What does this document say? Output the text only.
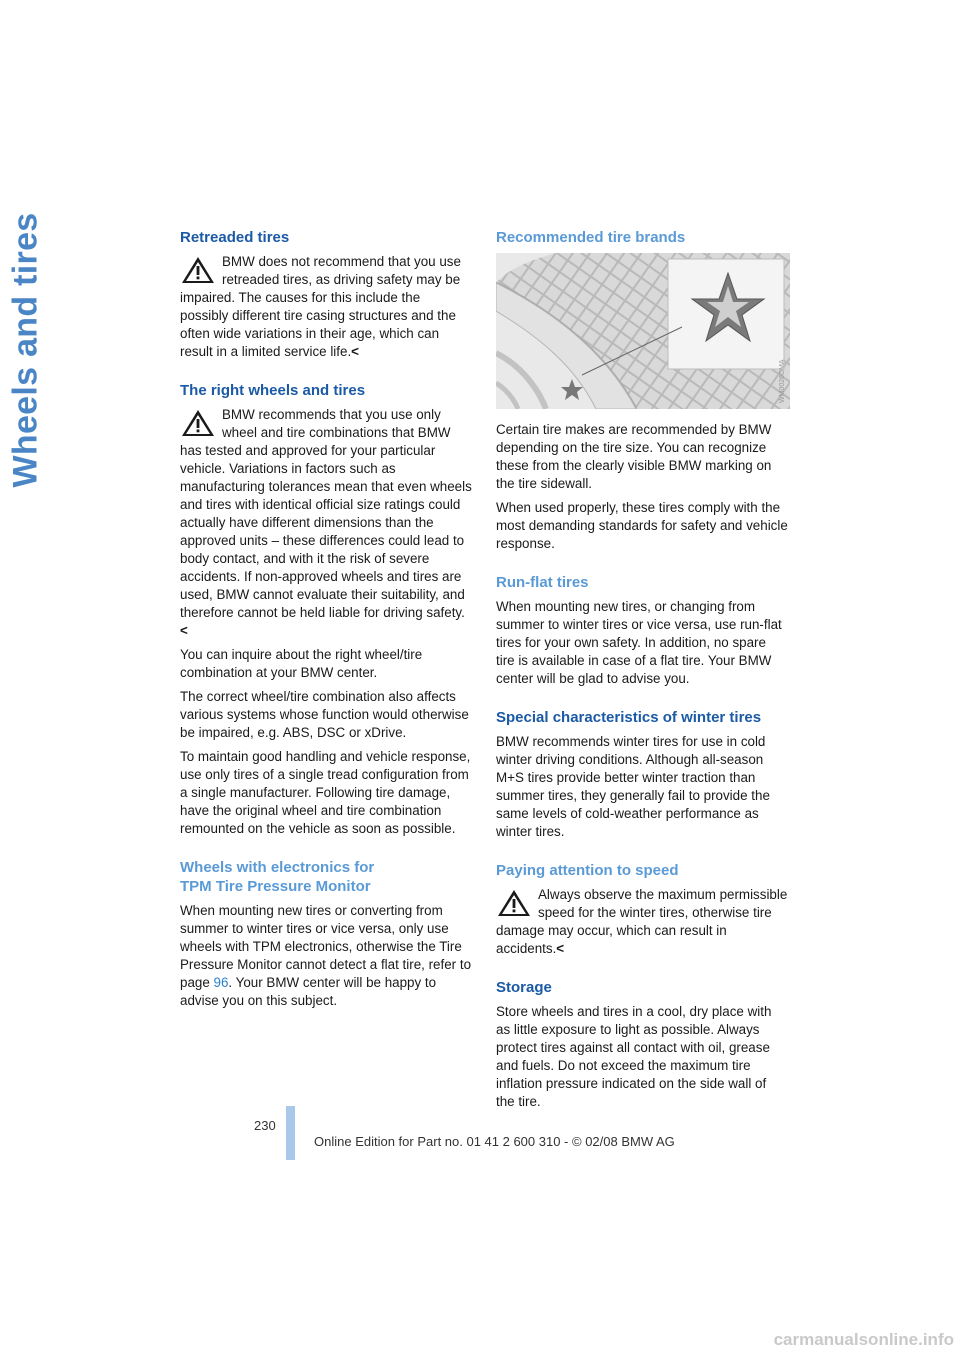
Wheels and tires	Retreaded tires
BMW does not recommend that you use retreaded tires, as driving safety may be impaired. The causes for this include the possibly different tire casing structures and the often wide variations in their age, which can result in a limited service life.<
The right wheels and tires
BMW recommends that you use only wheel and tire combinations that BMW has tested and approved for your particular vehicle. Variations in factors such as manufacturing tolerances mean that even wheels and tires with identical official size ratings could actually have different dimensions than the approved units – these differences could lead to body contact, and with it the risk of severe accidents. If non-approved wheels and tires are used, BMW cannot evaluate their suitability, and therefore cannot be held liable for driving safety.<

You can inquire about the right wheel/tire combination at your BMW center.

The correct wheel/tire combination also affects various systems whose function would otherwise be impaired, e.g. ABS, DSC or xDrive.

To maintain good handling and vehicle response, use only tires of a single tread configuration from a single manufacturer. Following tire damage, have the original wheel and tire combination remounted on the vehicle as soon as possible.

Wheels with electronics for
TPM Tire Pressure Monitor

When mounting new tires or converting from summer to winter tires or vice versa, only use wheels with TPM electronics, otherwise the Tire Pressure Monitor cannot detect a flat tire, refer to page 96. Your BMW center will be happy to advise you on this subject.

Recommended tire brands
WM0026CMA

Certain tire makes are recommended by BMW depending on the tire size. You can recognize these from the clearly visible BMW marking on the tire sidewall.

When used properly, these tires comply with the most demanding standards for safety and vehicle response.

Run-flat tires

When mounting new tires, or changing from summer to winter tires or vice versa, use run-flat tires for your own safety. In addition, no spare tire is available in case of a flat tire. Your BMW center will be glad to advise you.

Special characteristics of winter tires

BMW recommends winter tires for use in cold winter driving conditions. Although all-season M+S tires provide better winter traction than summer tires, they generally fail to provide the same levels of cold-weather performance as winter tires.

Paying attention to speed
Always observe the maximum permissible speed for the winter tires, otherwise tire damage may occur, which can result in accidents.<
Storage

Store wheels and tires in a cool, dry place with as little exposure to light as possible. Always protect tires against all contact with oil, grease and fuels. Do not exceed the maximum tire inflation pressure indicated on the side wall of the tire.

230
Online Edition for Part no. 01 41 2 600 310 - © 02/08 BMW AG
carmanualsonline.info
